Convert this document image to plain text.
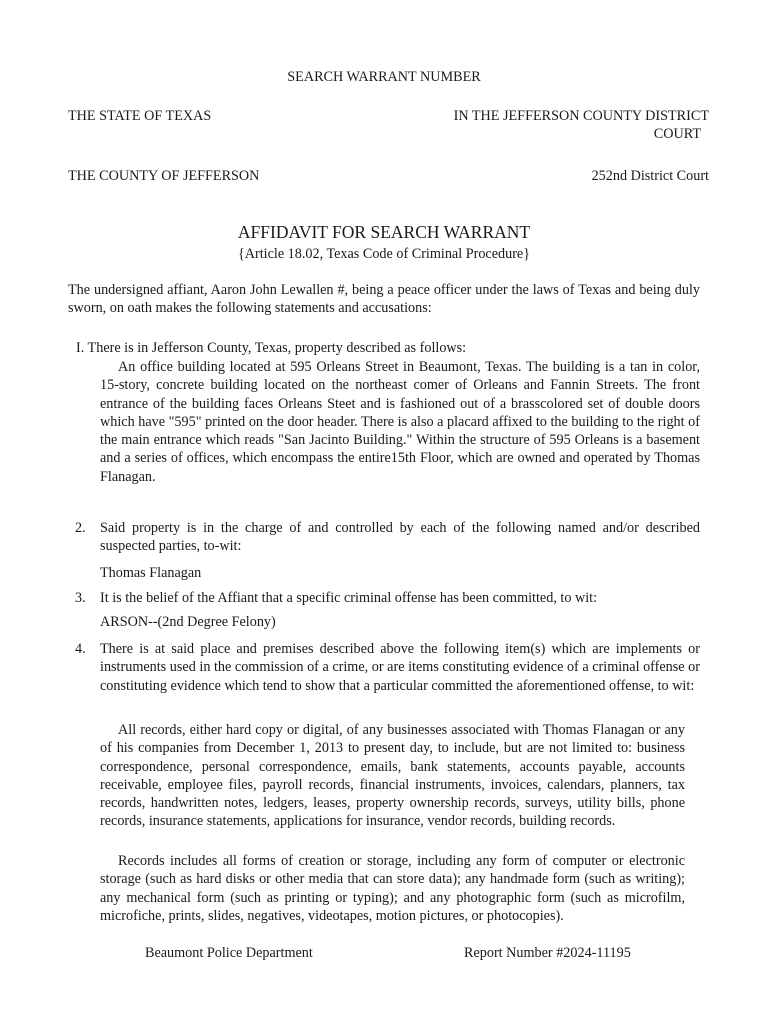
SEARCH WARRANT NUMBER
THE STATE OF TEXAS	IN THE JEFFERSON COUNTY DISTRICT
COURT
THE COUNTY OF JEFFERSON	252nd District Court
AFFIDAVIT FOR SEARCH WARRANT
{Article 18.02, Texas Code of Criminal Procedure}
The undersigned affiant, Aaron John Lewallen #, being a peace officer under the laws of Texas and being duly sworn, on oath makes the following statements and accusations:
I. There is in Jefferson County, Texas, property described as follows:
An office building located at 595 Orleans Street in Beaumont, Texas. The building is a tan in color, 15-story, concrete building located on the northeast comer of Orleans and Fannin Streets. The front entrance of the building faces Orleans Steet and is fashioned out of a brasscolored set of double doors which have "595" printed on the door header. There is also a placard affixed to the building to the right of the main entrance which reads "San Jacinto Building." Within the structure of 595 Orleans is a basement and a series of offices, which encompass the entire15th Floor, which are owned and operated by Thomas Flanagan.
2. Said property is in the charge of and controlled by each of the following named and/or described suspected parties, to-wit:
Thomas Flanagan
3. It is the belief of the Affiant that a specific criminal offense has been committed, to wit:
ARSON--(2nd Degree Felony)
4. There is at said place and premises described above the following item(s) which are implements or instruments used in the commission of a crime, or are items constituting evidence of a criminal offense or constituting evidence which tend to show that a particular committed the aforementioned offense, to wit:
All records, either hard copy or digital, of any businesses associated with Thomas Flanagan or any of his companies from December 1, 2013 to present day, to include, but are not limited to: business correspondence, personal correspondence, emails, bank statements, accounts payable, accounts receivable, employee files, payroll records, financial instruments, invoices, calendars, planners, tax records, handwritten notes, ledgers, leases, property ownership records, surveys, utility bills, phone records, insurance statements, applications for insurance, vendor records, building records.
Records includes all forms of creation or storage, including any form of computer or electronic storage (such as hard disks or other media that can store data); any handmade form (such as writing); any mechanical form (such as printing or typing); and any photographic form (such as microfilm, microfiche, prints, slides, negatives, videotapes, motion pictures, or photocopies).
Beaumont Police Department	Report Number #2024-11195
